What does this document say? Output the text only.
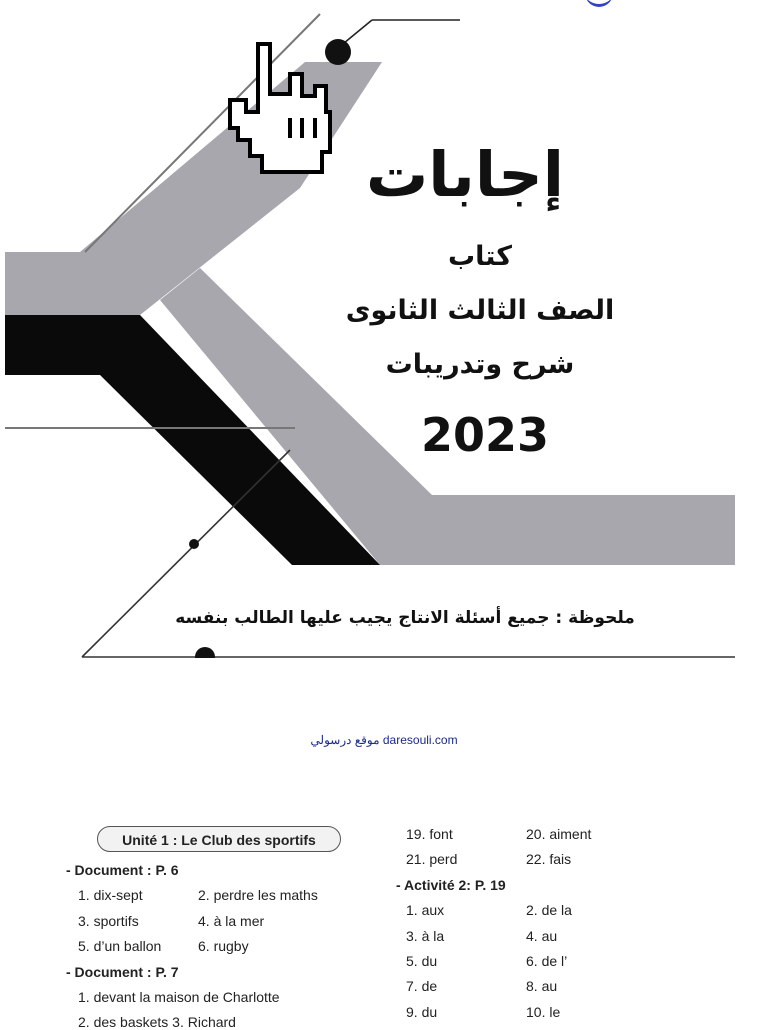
إجابات
كتاب
الصف الثالث الثانوى
شرح وتدريبات
2023
ملحوظة : جميع أسئلة الانتاج يجيب عليها الطالب بنفسه
موقع درسولي daresouli.com
Unité 1 : Le Club des sportifs
- Document : P. 6
1. dix-sept	2. perdre les maths
3. sportifs	4. à la mer
5. d’un ballon	6. rugby
- Document : P. 7
1. devant la maison de Charlotte
2. des baskets 3. Richard
19. font	20. aiment
21. perd	22. fais
- Activité 2: P. 19
1. aux	2. de la
3. à la	4. au
5. du	6. de l’
7. de	8. au
9. du	10. le
